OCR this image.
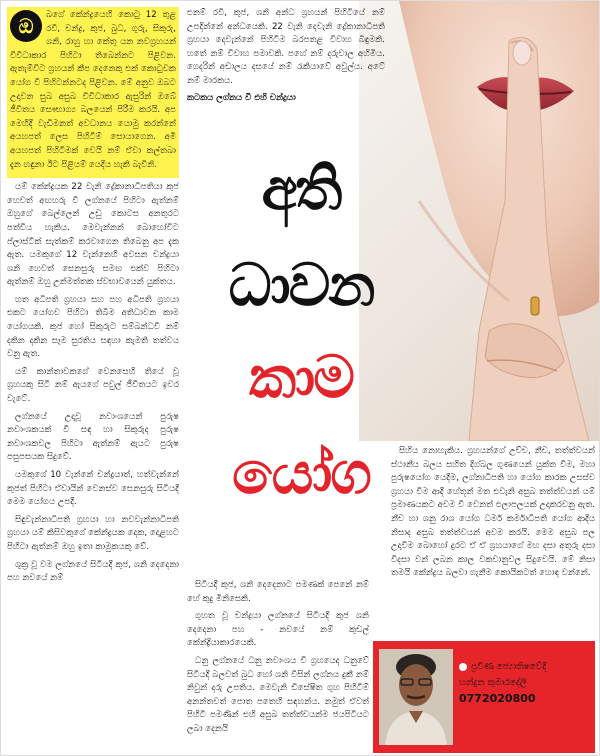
ඔ	බගේ කේන්ද්‍රයෙහි කොටු 12 තුළ රවි, චන්ද්‍ර, කුජ, බුධ, ගුරු, සිකුරු, ශනි, රාහු හා කේතු යන නවග්‍රහයන් විවිධාකාර පිහිටා තිබෙන්නට පිළිවන. ඇතැම්විට ග්‍රහයන් කීප දෙනෙකු එක් කොටුවක යෝග වී පිහිටන්නටද පිළිවන. මේ අනුව ඔබට උදාවන සුබ අසුබ විවිධාකාර ඇසුරින් ඔබේ ජීවිතය සෞභාග්‍ය බලයෙන් පිරීම කරයි. අප මෙහිදී වැඩිමනත් අවධානය යොමු කරන්නේ අයහපත් ලෙස පිහිටීම් සොයාගෙන. අමී අයහපත් පිහිටීමක් වෙයි නම් ඒවා කල්තබා දැන හඳුනා ඊට පිළියම් යෙදිය හැකි බැවිනි.

යම් කේන්ද්‍රයක 22 වැනි ද්‍රේකානාධිපතියා කුජ හෙවත් අඟහරු වී ලග්නයේ පිහිටා ඇත්නම් ඔහුගේ බෙල්ලෙන් උඩු කොටස අනතුරට පත්විය හැකිය. මෙවැන්නන් බොහෝවිට ප්ලාස්ටික් සැත්කම් කරවාගෙන තිබෙනු අප දැක ඇත. යමකුගේ 12 වැන්නෙහි අවසන චන්ද්‍රයා ශනි හෙවත් සෙනසුරු සමඟ එක්ව පිහිටා ඇත්නම් ඔහු උන්මත්තක ස්වභාවයෙන් යුක්තය.

හත අධිපති ග්‍රහයා සහ පහ අධිපති ග්‍රහයා එකට යෝගව පිහිටා තිබීම අතිධාවන කාම යෝගයකි. කුජ හෝ සිකුරුට සම්බන්ධවී නම් දකින දකින සෑම සුරතිය සඳහා කැමති තත්වය වනු ඇත.

යම් කාන්තාවකගේ වෙනසෙහි තියේ වූ ග්‍රහයකු සිටී නම් ඇයගේ පවුල් ජීවිතයට ඉවර වැටේ.

ලග්නයේ උදාවූ නවාංශයෙන් පුරුෂ නවාංශකයක් වී සඳ හා සිකුරුද පුරුෂ නවාංශකවල පිහිටා ඇත්නම් ඇයට පුරුෂ පසුපසයක සිදුවේ.

යමකුගේ 10 වැන්නේ චන්ද්‍රයාත්, හත්වැන්නේ කුජත් පිහිටා ඒවායින් වෙනස්ව සෙනසුරු සිටියදී මෙම යෝගය උපදී.

සිඳුවැන්නාධිපති ග්‍රහයා හා නවවැන්නාධිපති ග්‍රහයා යම් කිසිවකුගේ කේන්ද්‍රයක දෙක, දොළහට පිහිටා ඇත්නම් ඔහු ඉතා කාමුකයකු වේ.

ශුක්‍ර වූ වම ලග්නයේ සිටියදී කුජ, ශනි දෙදෙනා පහ නවයේ නම්

එනම් රවි, කුජ, ශනි අන්ධ ග්‍රහයන් පිහිටියේ නම් උපදින්නේ අන්ධයෙකි. 22 වැනි දෙවැනි ද්‍රේකානාධිපති ග්‍රහයා දෙවැන්නේ පිහිටීම බරපතළ විවාහ බිඳුමකි. හතේ නම් විවාහ පමාවකි. පහේ නම් දරුවාල අහිමිය. ගෙදරින් අඩාලය දසයේ නම් රැකියාවේ අවුල්ය. අටේ නම් මාරකය.

කටකය ලග්නය වී එහි චන්ද්‍රයා

අති
ධාවන
කාම
යෝග

සිටියදී කුජ, ශනි දෙදෙනාට පමණක් පෙනේ නම් හේ කුදු මිනිසෙකි.

ගුහත වූ චන්ද්‍රයා ලග්නයේ සිටියදී කුජ ශනි දෙදෙනා පහ - නවයේ නම් කුඩල් කේන්ද්‍රියාකාරයෙකි.

ධනු ලග්නයේ ධනු නවාංශය වී ග්‍රහයෙද ධනුවේ සිටියදී බලවත් බුධ හෝ ශනි විසින් ලග්නය දුකී නම් නිවුන් දරු උපතිය. මෙවැනි ඩිසේෂිත ගුහ පිහිටීම් අනන්තවත් පොත පතෙහි සඳහන්ය. නමුත් ඒවත් පිහිටි පමණින් එහි අසුබ තත්ත්වයන්ම ජයපිටියට ලබා දෙනයි

සිහිය නොහැකිය. ග්‍රහයන්ගේ උච්ච, නීච, තත්ත්වයන් ස්ථානීය බලය සහිත දිග්බල ගුණයෙන් යුක්ත වීම, මහා පුරුෂයෝග යෙදීම, ලග්නාධිපති හා යෝග කාරක උසස්ව ග්‍රහයා වීම ආදී හේතූන් මත එවැනි අසුබ තත්ත්වයන් යම් ප්‍රමාණයකට අවම වී වෙනත් ඵලාපලයක් උදාකරවනු ඇත. නීච හා ශනු රාශ යෝග ධර්ම කර්මාධිපති යෝග ආදිය නිසාද අසුබ තත්ත්වයන් අවම කරයි. මෙම අසුබ පල උදාවීම බොහෝ දුරට ඒ ඒ ග්‍රහයාගේ මහ දසා අතුරු දසා විදසා වන් ලබන කාල වකවානුවල සිදුවෙයි. මේ නිසා තමයි කේන්ද්‍රය බලවා ගැනීම කොයිකටත් හොඳ වන්නේ.

ප්‍රවීණ ජ්‍යොතිෂවේදී
හන්දුන කුමාරදේලි
0772020800
